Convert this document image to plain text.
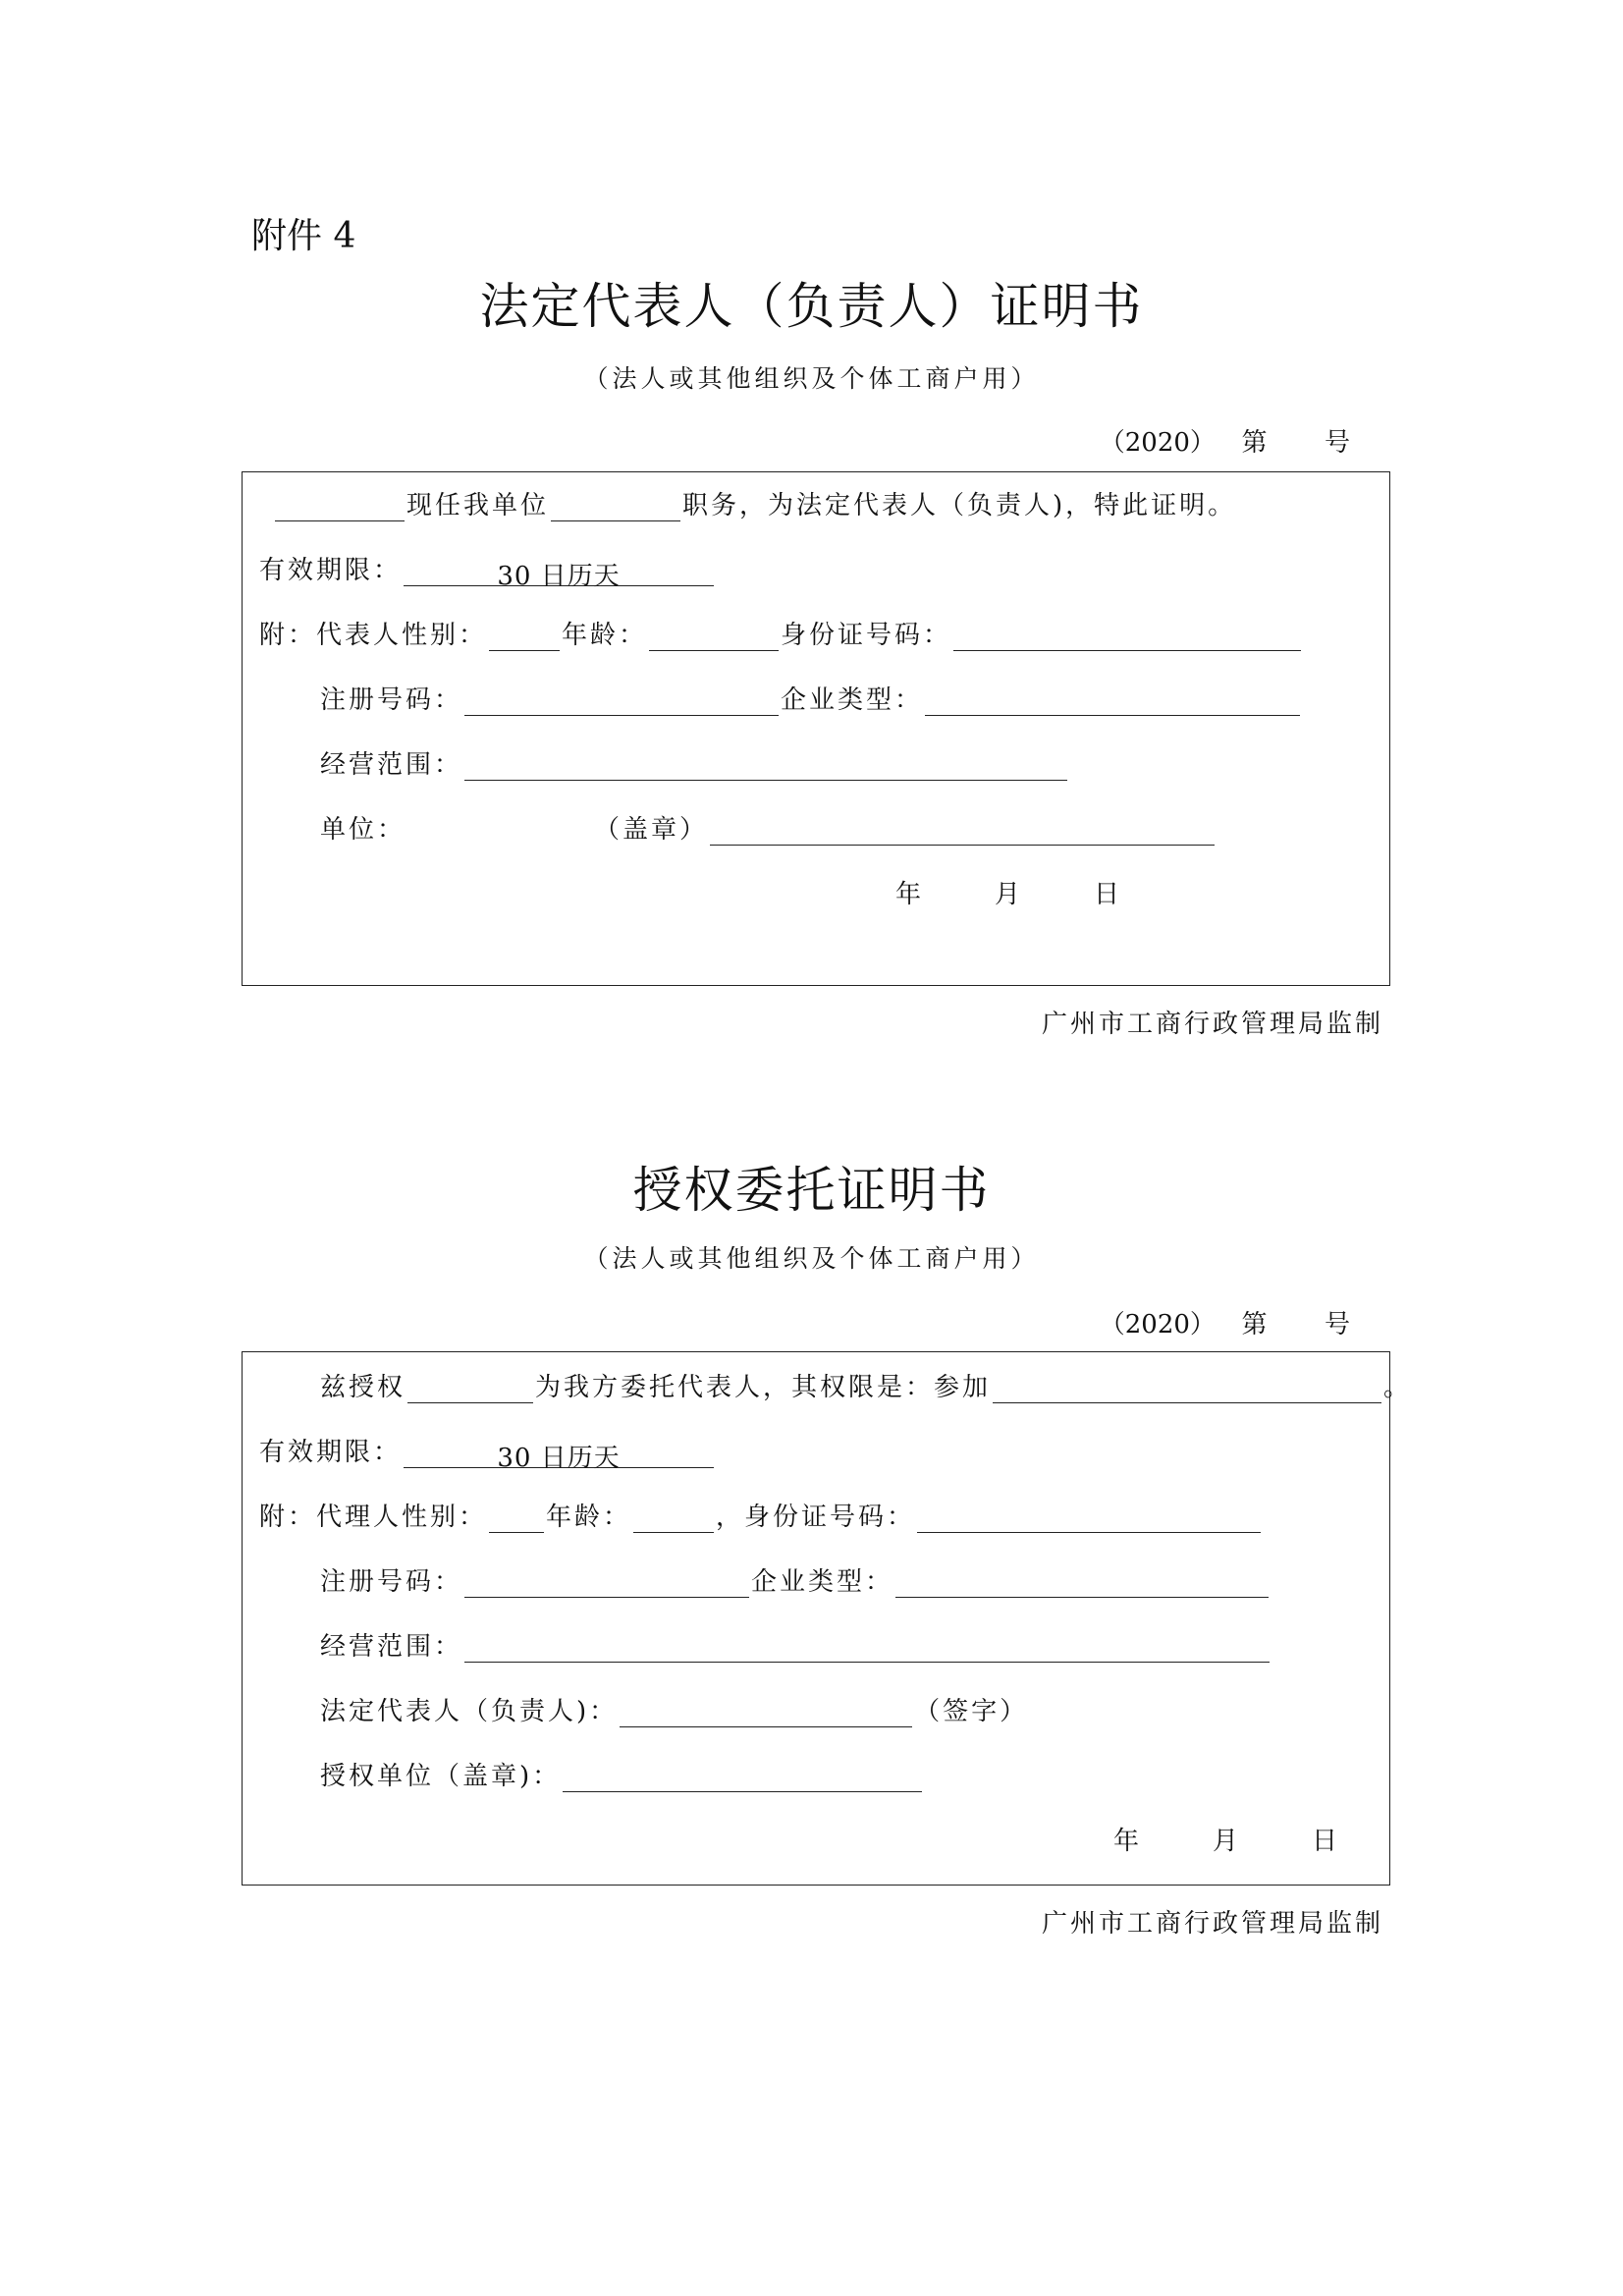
附件 4
法定代表人（负责人）证明书
（法人或其他组织及个体工商户用）
（2020） 第 号
现任我单位	职务，为法定代表人（负责人)，特此证明。
有效期限：	30 日历天
附： 代表人性别：	年龄：	身份证号码：
注册号码：	企业类型：
经营范围：
单位：	（盖章）
年	月	日
广州市工商行政管理局监制
授权委托证明书
（法人或其他组织及个体工商户用）
（2020） 第 号
兹授权	为我方委托代表人，其权限是：参加	。
有效期限：	30 日历天
附： 代理人性别： 年龄：	，身份证号码：
注册号码：	企业类型：
经营范围：
法定代表人（负责人)：	（签字）
授权单位（盖章)：
年	月	日
广州市工商行政管理局监制
